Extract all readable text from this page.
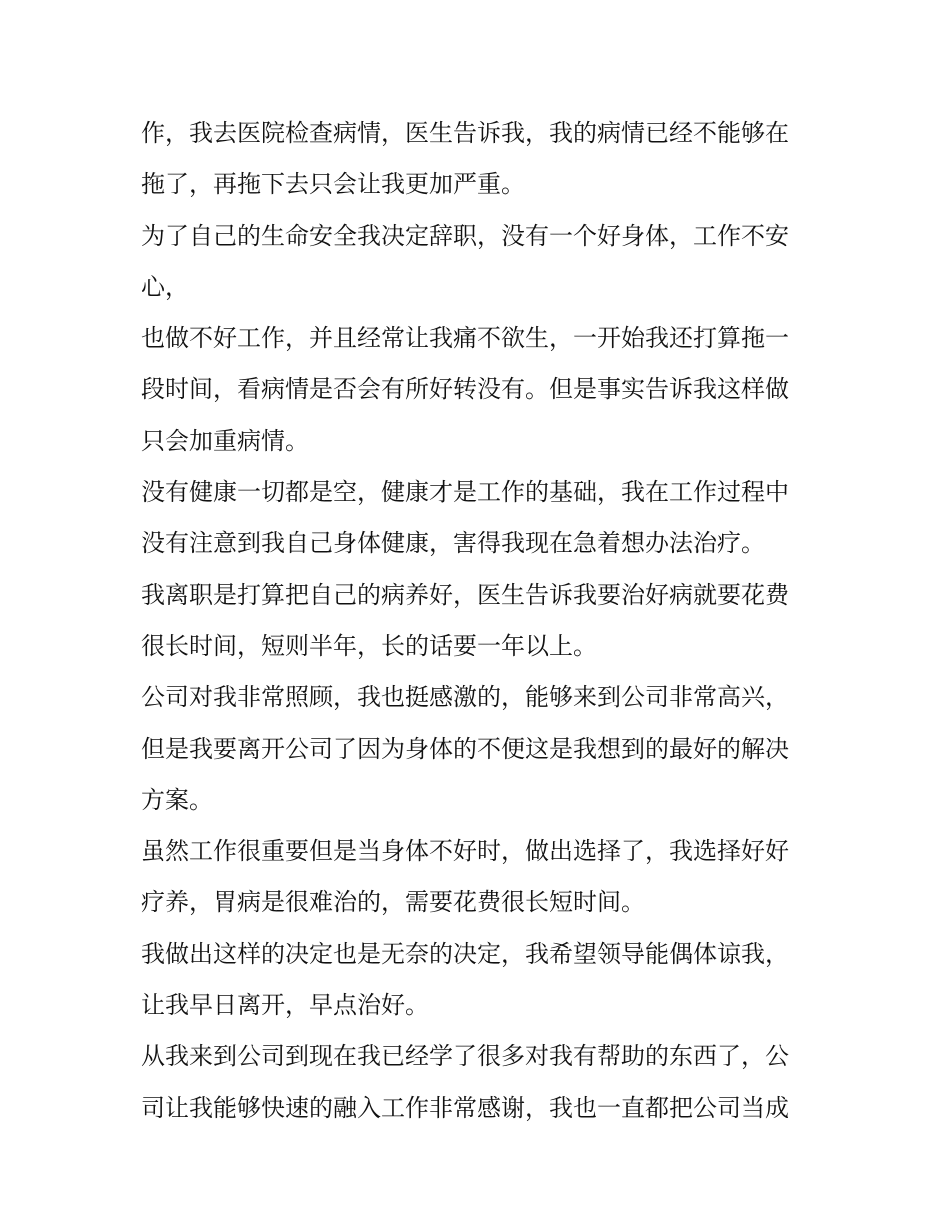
作，我去医院检查病情，医生告诉我，我的病情已经不能够在
拖了，再拖下去只会让我更加严重。
为了自己的生命安全我决定辞职，没有一个好身体，工作不安
心，
也做不好工作，并且经常让我痛不欲生，一开始我还打算拖一
段时间，看病情是否会有所好转没有。但是事实告诉我这样做
只会加重病情。
没有健康一切都是空，健康才是工作的基础，我在工作过程中
没有注意到我自己身体健康，害得我现在急着想办法治疗。
我离职是打算把自己的病养好，医生告诉我要治好病就要花费
很长时间，短则半年，长的话要一年以上。
公司对我非常照顾，我也挺感激的，能够来到公司非常高兴，
但是我要离开公司了因为身体的不便这是我想到的最好的解决
方案。
虽然工作很重要但是当身体不好时，做出选择了，我选择好好
疗养，胃病是很难治的，需要花费很长短时间。
我做出这样的决定也是无奈的决定，我希望领导能偶体谅我，
让我早日离开，早点治好。
从我来到公司到现在我已经学了很多对我有帮助的东西了，公
司让我能够快速的融入工作非常感谢，我也一直都把公司当成
